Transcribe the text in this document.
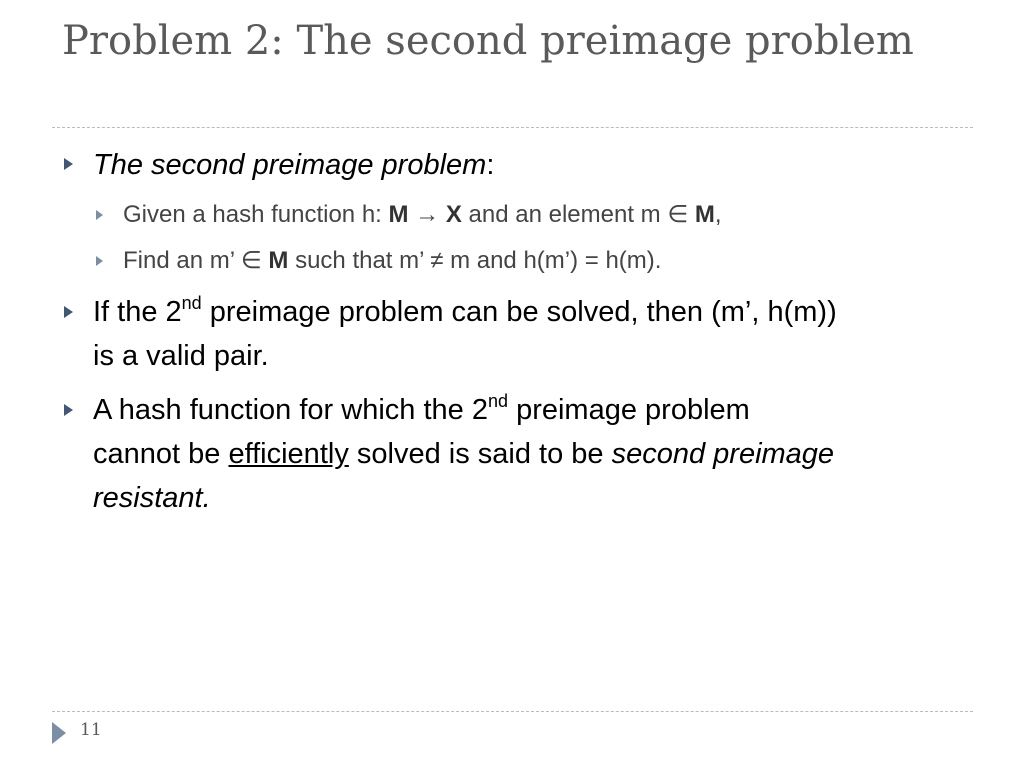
Problem 2: The second preimage problem
The second preimage problem:
Given a hash function h: M → X and an element m ∈ M,
Find an m’ ∈ M such that m’ ≠ m and h(m’) = h(m).
If the 2nd preimage problem can be solved, then (m’, h(m))
is a valid pair.
A hash function for which the 2nd preimage problem
cannot be efficiently solved is said to be second preimage
resistant.
11
